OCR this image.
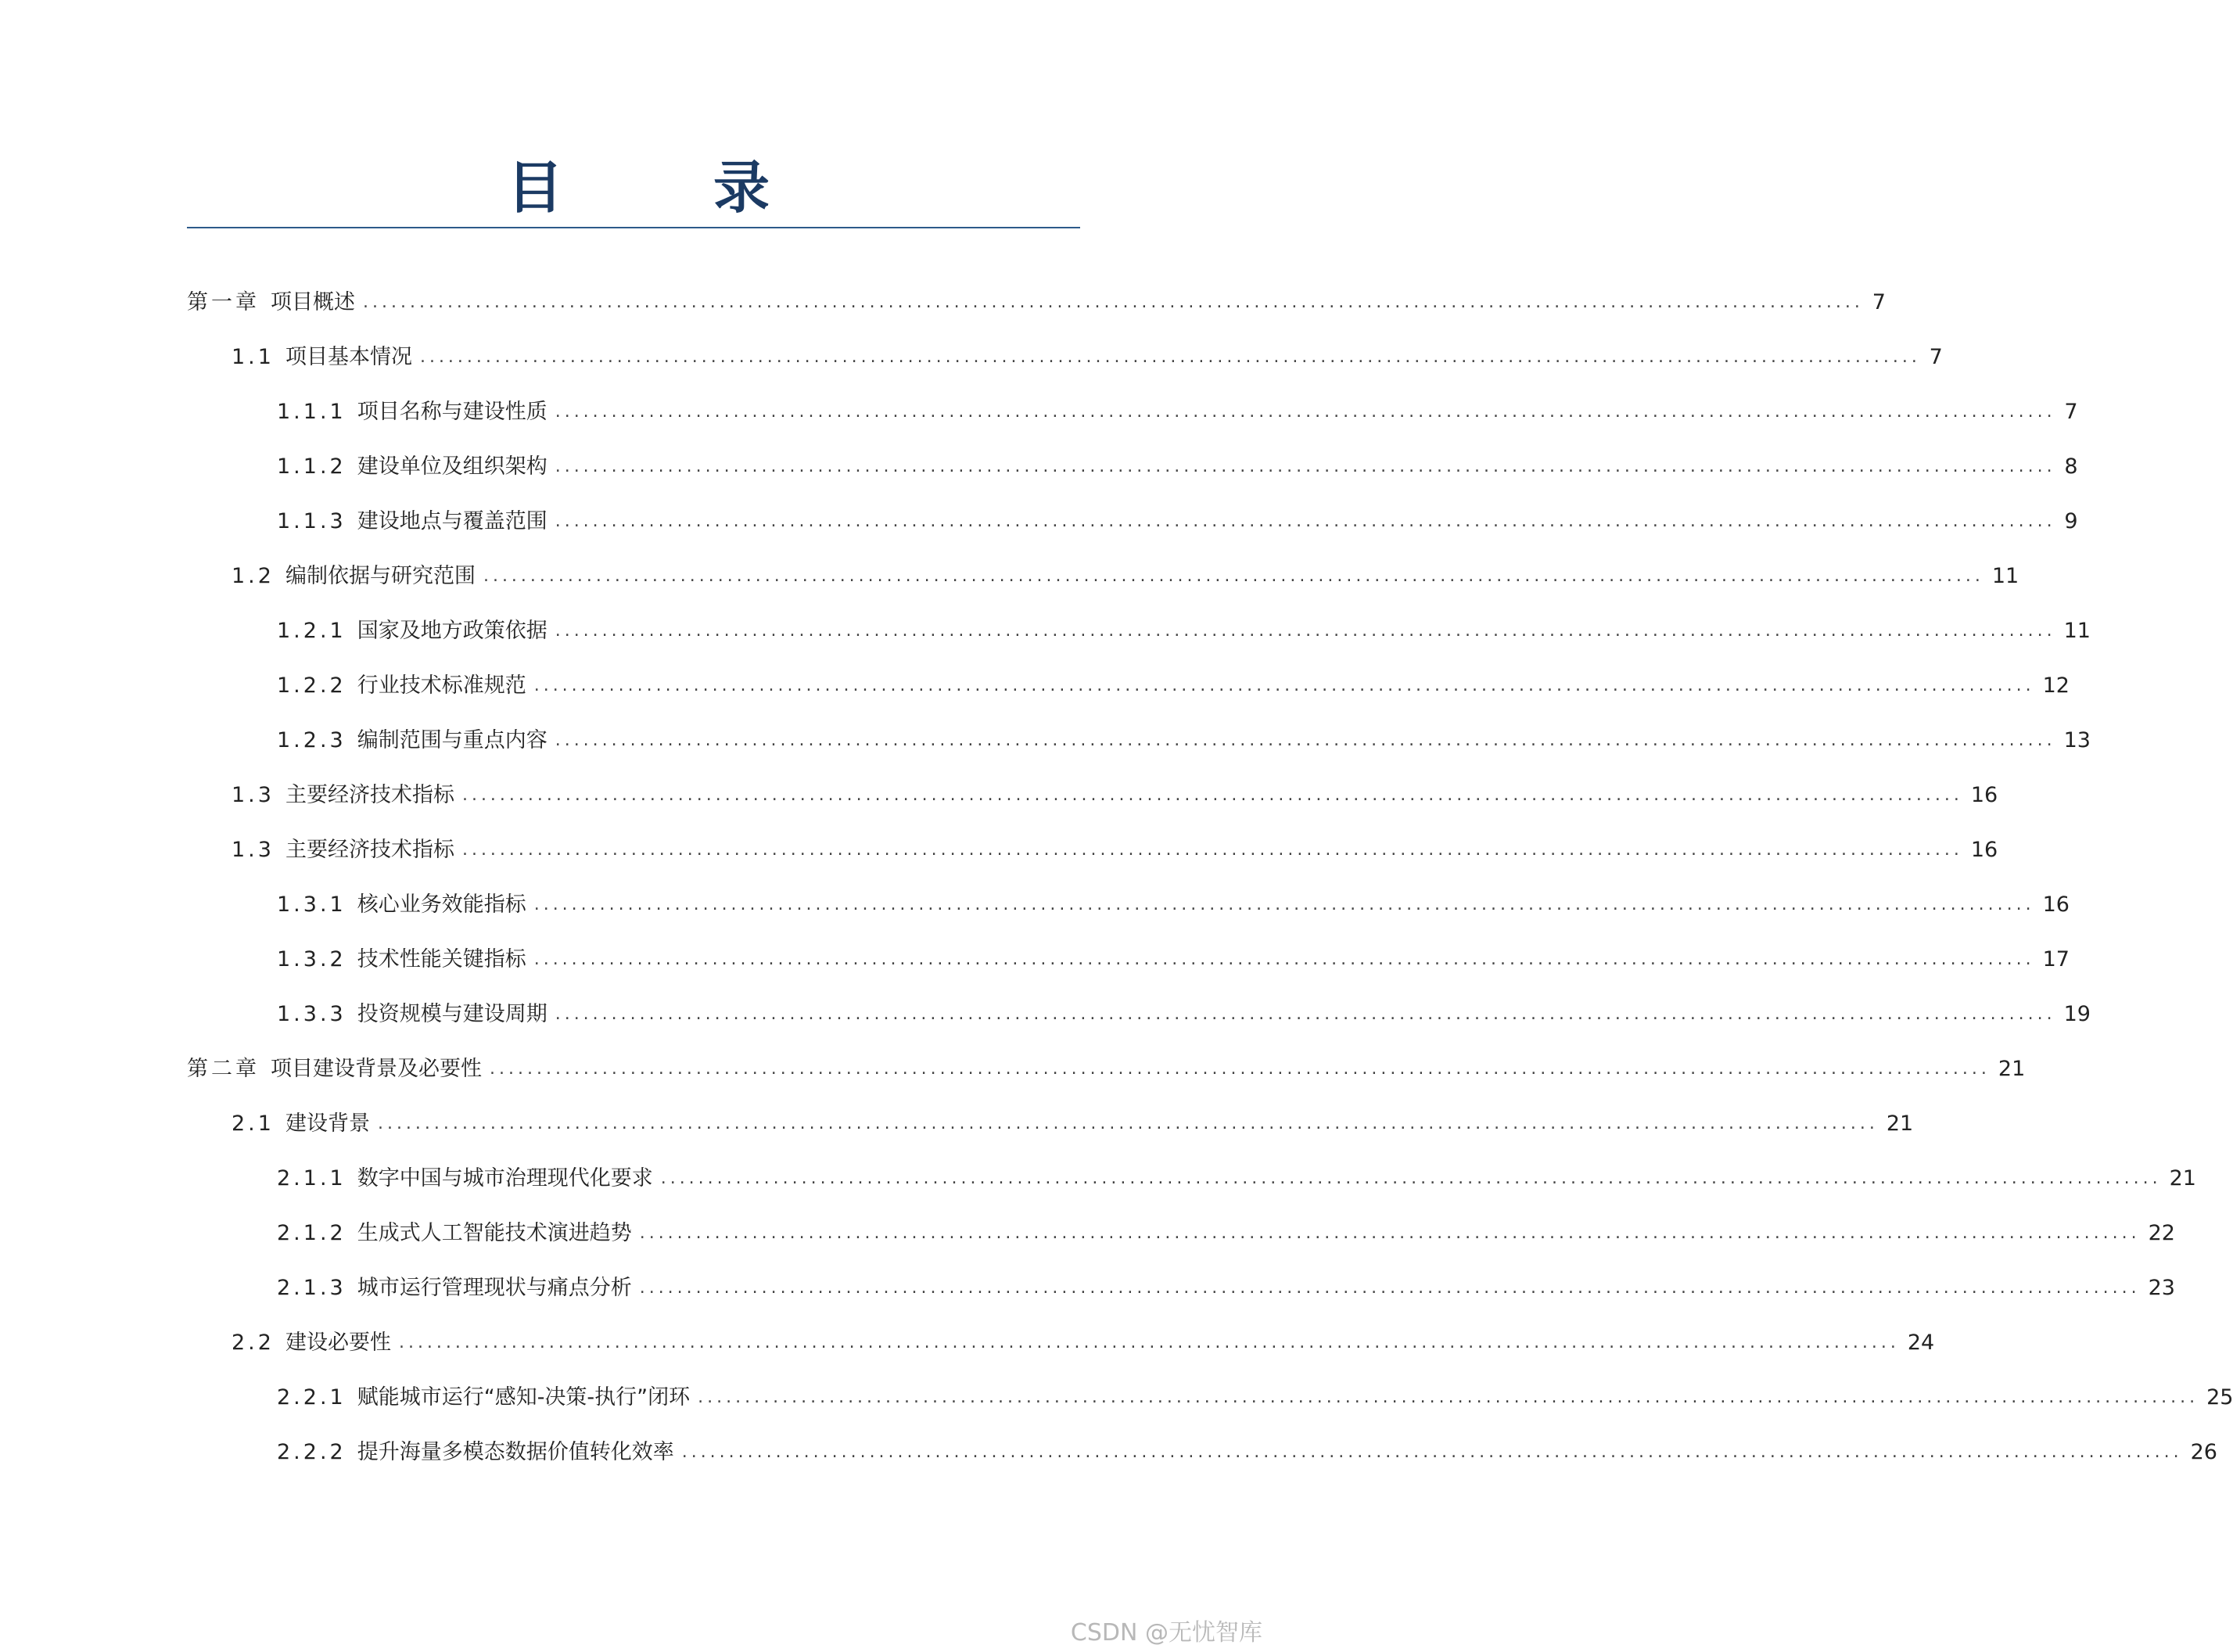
目　录
第一章 项目概述 ................................................................................................................................................................ 7
1.1 项目基本情况 ................................................................................................................................................................ 7
1.1.1 项目名称与建设性质 ................................................................................................................................................................ 7
1.1.2 建设单位及组织架构 ................................................................................................................................................................ 8
1.1.3 建设地点与覆盖范围 ................................................................................................................................................................ 9
1.2 编制依据与研究范围 ................................................................................................................................................................ 11
1.2.1 国家及地方政策依据 ................................................................................................................................................................ 11
1.2.2 行业技术标准规范 ................................................................................................................................................................ 12
1.2.3 编制范围与重点内容 ................................................................................................................................................................ 13
1.3 主要经济技术指标 ................................................................................................................................................................ 16
1.3 主要经济技术指标 ................................................................................................................................................................ 16
1.3.1 核心业务效能指标 ................................................................................................................................................................ 16
1.3.2 技术性能关键指标 ................................................................................................................................................................ 17
1.3.3 投资规模与建设周期 ................................................................................................................................................................ 19
第二章 项目建设背景及必要性 ................................................................................................................................................................ 21
2.1 建设背景 ................................................................................................................................................................ 21
2.1.1 数字中国与城市治理现代化要求 ................................................................................................................................................................ 21
2.1.2 生成式人工智能技术演进趋势 ................................................................................................................................................................ 22
2.1.3 城市运行管理现状与痛点分析 ................................................................................................................................................................ 23
2.2 建设必要性 ................................................................................................................................................................ 24
2.2.1 赋能城市运行“感知-决策-执行”闭环 ................................................................................................................................................................ 25
2.2.2 提升海量多模态数据价值转化效率 ................................................................................................................................................................ 26
CSDN @无忧智库
